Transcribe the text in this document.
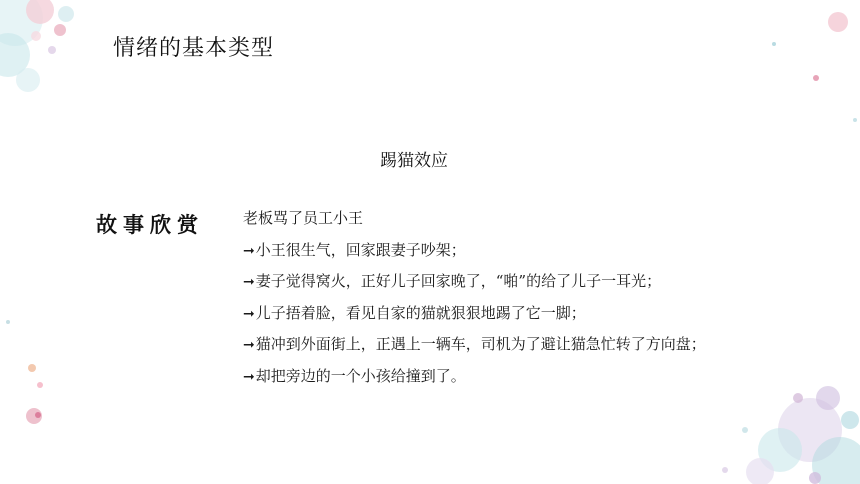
情绪的基本类型
踢猫效应
故事欣赏	老板骂了员工小王
➞小王很生气，回家跟妻子吵架；
➞妻子觉得窝火，正好儿子回家晚了，“啪”的给了儿子一耳光；
➞儿子捂着脸，看见自家的猫就狠狠地踢了它一脚；
➞猫冲到外面街上，正遇上一辆车，司机为了避让猫急忙转了方向盘；
➞却把旁边的一个小孩给撞到了。
